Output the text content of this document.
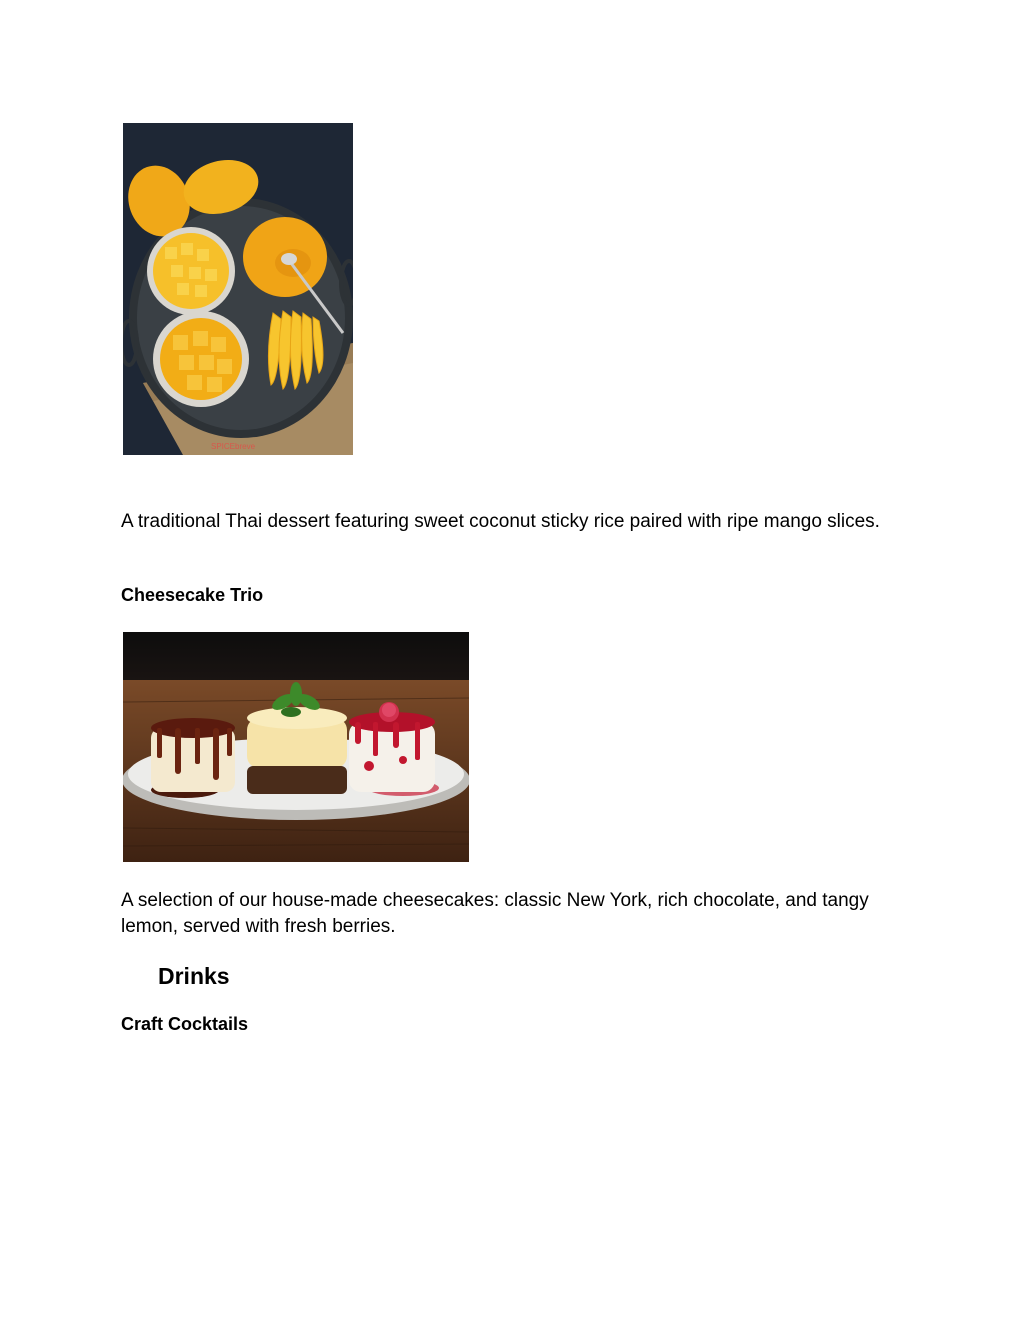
SPICEbreve

A traditional Thai dessert featuring sweet coconut sticky rice paired with ripe mango slices.

Cheesecake Trio

A selection of our house-made cheesecakes: classic New York, rich chocolate, and tangy lemon, served with fresh berries.

Drinks
Craft Cocktails
